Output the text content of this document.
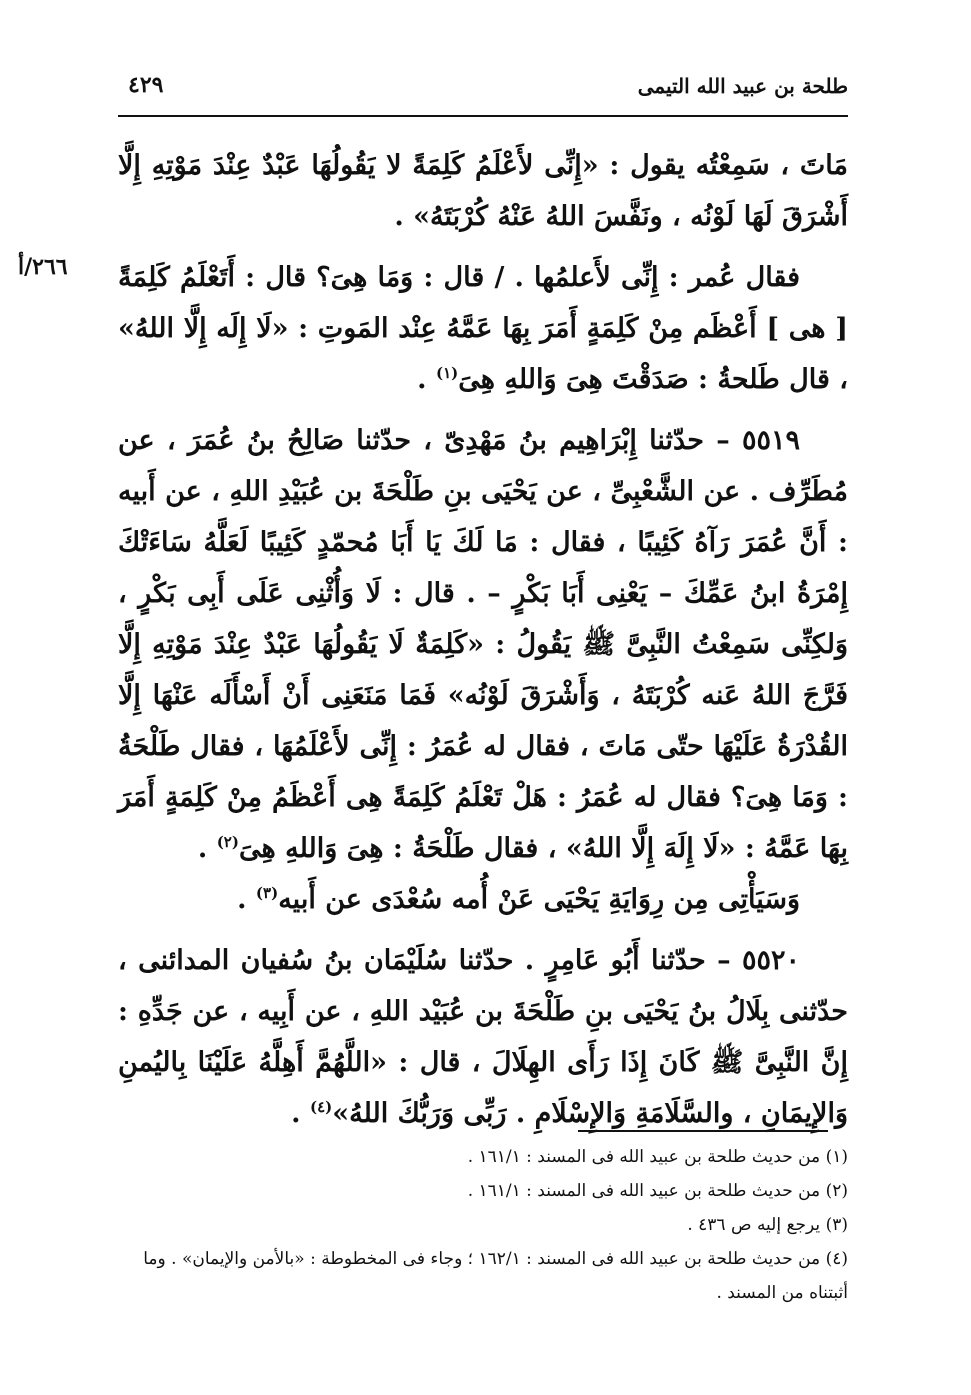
طلحة بن عبيد الله التيمى
٤٢٩
٢٦٦/أ

مَاتَ ، سَمِعْتُه يقول : «إِنِّى لأَعْلَمُ كَلِمَةً لا يَقُولُهَا عَبْدٌ عِنْدَ مَوْتِهِ إِلَّا أَشْرَقَ لَهَا لَوْنُه ، ونَفَّسَ اللهُ عَنْهُ كُرْبَتَهُ» .

فقال عُمر : إِنِّى لأَعلمُها . / قال : وَمَا هِىَ؟ قال : أَتَعْلَمُ كَلِمَةً [ هى ] أَعْظَم مِنْ كَلِمَةٍ أَمَرَ بِهَا عَمَّهُ عِنْد المَوتِ : «لَا إِلَه إِلَّا اللهُ» ، قال طَلحةُ : صَدَقْتَ هِىَ وَاللهِ هِىَ$^{(١)}$ .

٥٥١٩ – حدّثنا إِبْرَاهِيم بنُ مَهْدِىّ ، حدّثنا صَالِحُ بنُ عُمَرَ ، عن مُطَرِّف . عن الشَّعْبِىِّ ، عن يَحْيَى بنِ طَلْحَةَ بن عُبَيْدِ اللهِ ، عن أَبيه : أَنَّ عُمَرَ رَآهُ كَئِيبًا ، فقال : مَا لَكَ يَا أَبَا مُحمّدٍ كَئِيبًا لَعَلَّهُ سَاءَتْكَ إِمْرَةُ ابنُ عَمِّكَ – يَعْنِى أَبَا بَكْرٍ – . قال : لَا وَأُثْنِى عَلَى أَبِى بَكْرٍ ، وَلكِنِّى سَمِعْتُ النَّبِىَّ ﷺ يَقُولُ : «كَلِمَةٌ لَا يَقُولُهَا عَبْدٌ عِنْدَ مَوْتِهِ إِلَّا فَرَّجَ اللهُ عَنه كُرْبَتَهُ ، وَأَشْرَقَ لَوْنُه» فَمَا مَنَعَنِى أَنْ أَسْأَلَه عَنْهَا إِلَّا القُدْرَةُ عَلَيْهَا حتّى مَاتَ ، فقال له عُمَرُ : إِنِّى لأَعْلَمُهَا ، فقال طَلْحَةُ : وَمَا هِىَ؟ فقال له عُمَرُ : هَلْ تَعْلَمُ كَلِمَةً هِى أَعْظَمُ مِنْ كَلِمَةٍ أَمَرَ بِهَا عَمَّهُ : «لَا إِلَهَ إِلَّا اللهُ» ، فقال طَلْحَةُ : هِىَ وَاللهِ هِىَ$^{(٢)}$ .

وَسَيَأْتِى مِن رِوَايَةِ يَحْيَى عَنْ أُمه سُعْدَى عن أَبيه$^{(٣)}$ .

٥٥٢٠ – حدّثنا أَبُو عَامِرٍ . حدّثنا سُلَيْمَان بنُ سُفيان المدائنى ، حدّثنى بِلَالُ بنُ يَحْيَى بنِ طَلْحَةَ بن عُبَيْد اللهِ ، عن أَبِيه ، عن جَدِّهِ : إِنَّ النَّبِىَّ ﷺ كَانَ إِذَا رَأَى الهِلَالَ ، قال : «اللَّهُمَّ أَهِلَّهُ عَلَيْنَا بِاليُمنِ وَالإِيمَانِ ، والسَّلَامَةِ وَالإِسْلَامِ . رَبِّى وَرَبُّكَ اللهُ»$^{(٤)}$ .

(١) من حديث طلحة بن عبيد الله فى المسند : ١٦١/١ .

(٢) من حديث طلحة بن عبيد الله فى المسند : ١٦١/١ .

(٣) يرجع إليه ص ٤٣٦ .

(٤) من حديث طلحة بن عبيد الله فى المسند : ١٦٢/١ ؛ وجاء فى المخطوطة : «بالأمن والإيمان» . وما أثبتناه من المسند .
